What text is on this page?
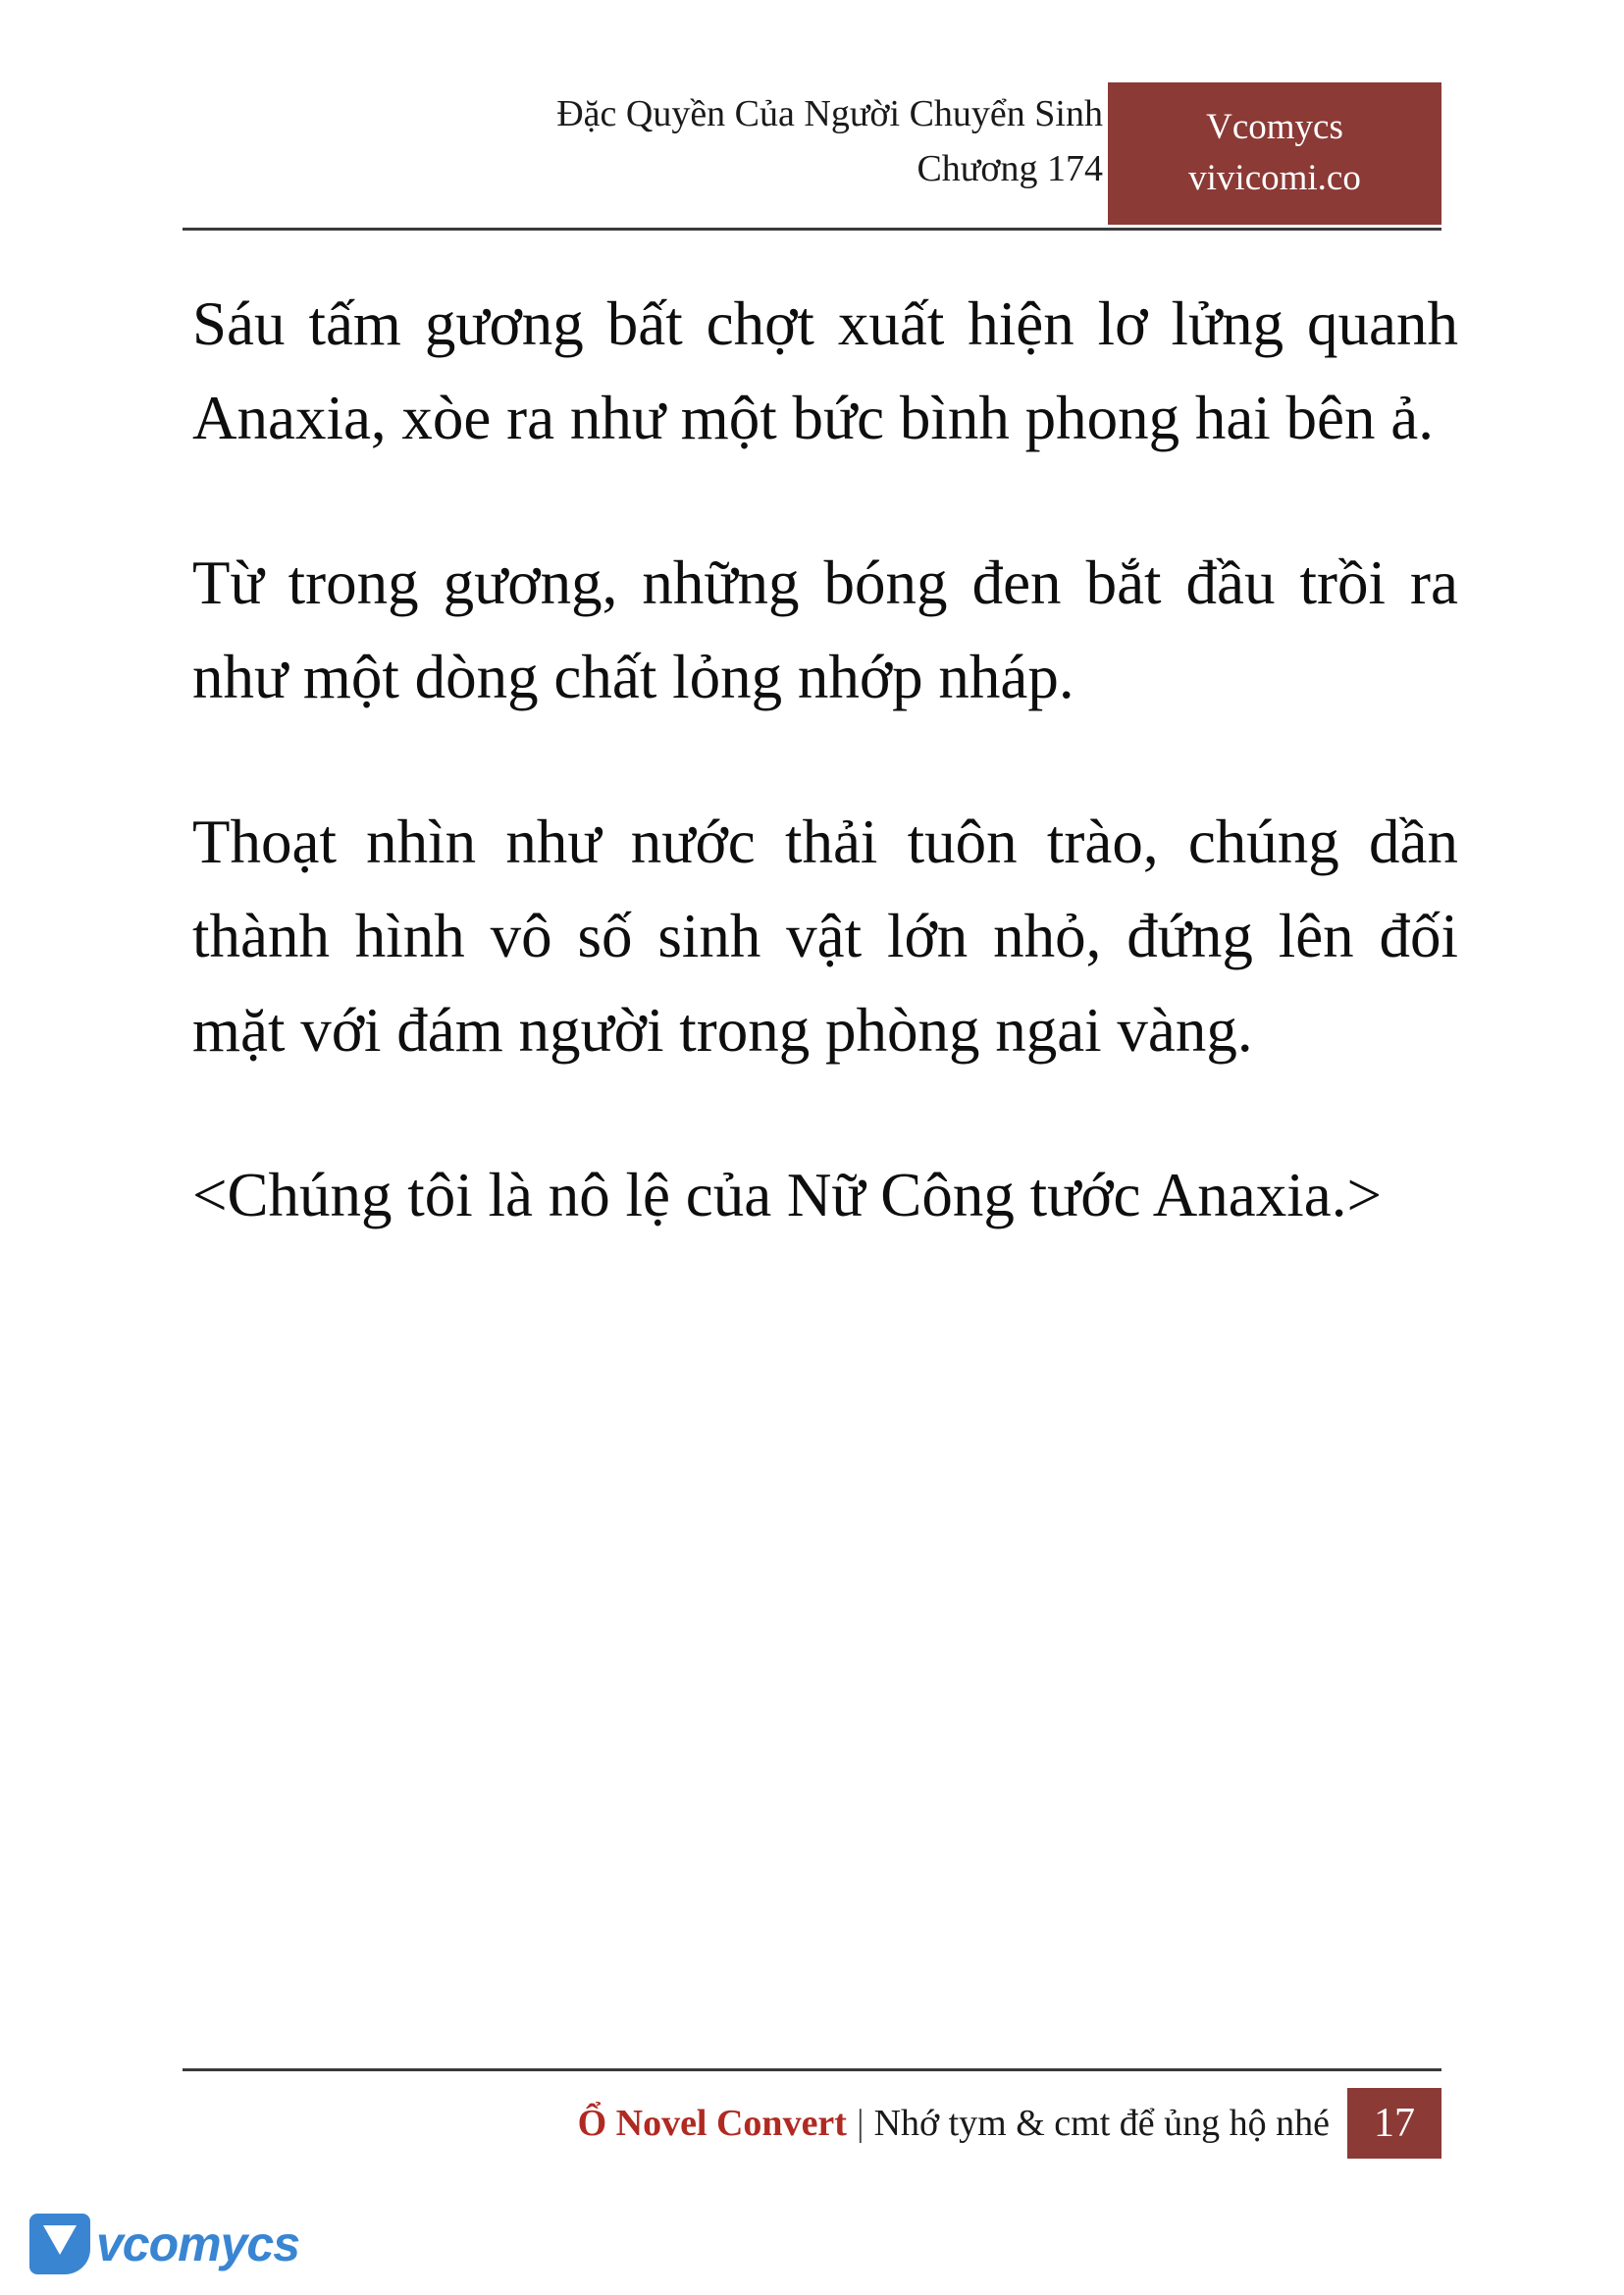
Đặc Quyền Của Người Chuyển Sinh
Chương 174
Vcomycs
vivicomi.co

Sáu tấm gương bất chợt xuất hiện lơ lửng quanh Anaxia, xòe ra như một bức bình phong hai bên ả.

Từ trong gương, những bóng đen bắt đầu trồi ra như một dòng chất lỏng nhớp nháp.

Thoạt nhìn như nước thải tuôn trào, chúng dần thành hình vô số sinh vật lớn nhỏ, đứng lên đối mặt với đám người trong phòng ngai vàng.

<Chúng tôi là nô lệ của Nữ Công tước Anaxia.>

Ổ Novel Convert | Nhớ tym & cmt để ủng hộ nhé	17
vcomycs
